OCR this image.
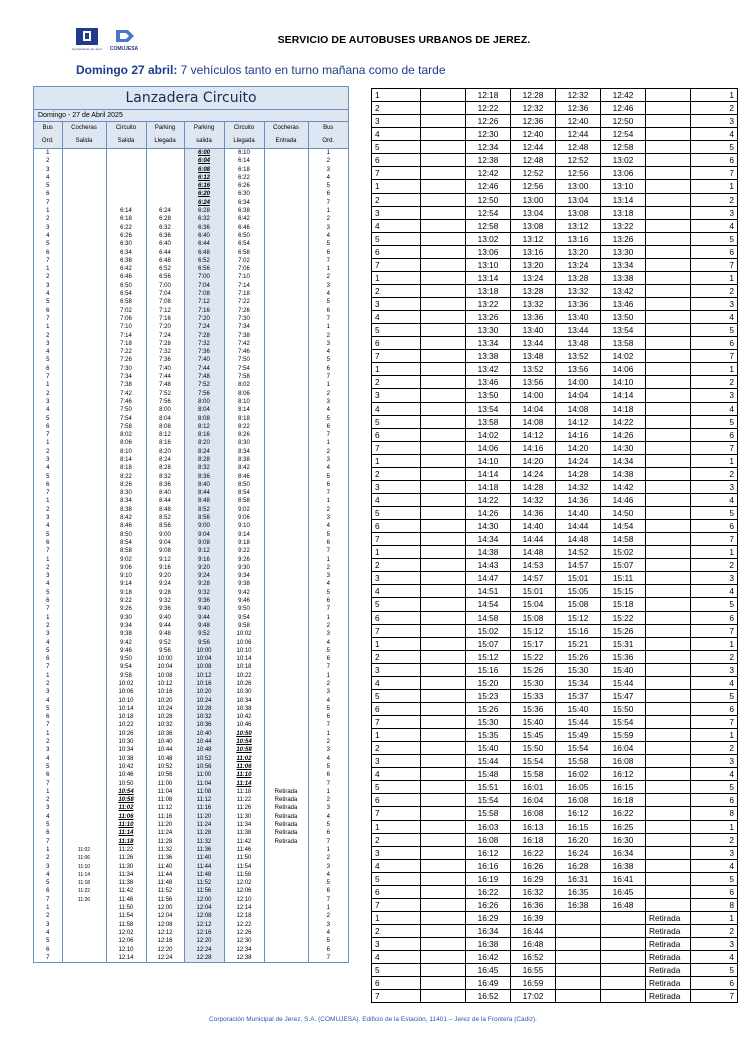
Ayuntamiento de Jerez COMUJESA
SERVICIO DE AUTOBUSES URBANOS DE JEREZ.
Domingo 27 abril: 7 vehículos tanto en turno mañana como de tarde
Lanzadera Circuito
Domingo - 27 de Abril 2025
Bus	Cocheras	Circuito	Parking	Parking	Circuito	Cocheras	Bus
Ord.	Salida	Salida	Llegada	salida	Llegada	Entrada	Ord.
1				6:00	6:10		1
2				6:04	6:14		2
3				6:08	6:18		3
4				6:12	6:22		4
5				6:16	6:26		5
6				6:20	6:30		6
7				6:24	6:34		7
1		6:14	6:24	6:28	6:38		1
2		6:18	6:28	6:32	6:42		2
3		6:22	6:32	6:36	6:46		3
4		6:26	6:36	6:40	6:50		4
5		6:30	6:40	6:44	6:54		5
6		6:34	6:44	6:48	6:58		6
7		6:38	6:48	6:52	7:02		7
1		6:42	6:52	6:56	7:06		1
2		6:46	6:56	7:00	7:10		2
3		6:50	7:00	7:04	7:14		3
4		6:54	7:04	7:08	7:18		4
5		6:58	7:08	7:12	7:22		5
6		7:02	7:12	7:16	7:26		6
7		7:06	7:16	7:20	7:30		7
1		7:10	7:20	7:24	7:34		1
2		7:14	7:24	7:28	7:38		2
3		7:18	7:28	7:32	7:42		3
4		7:22	7:32	7:36	7:46		4
5		7:26	7:36	7:40	7:50		5
6		7:30	7:40	7:44	7:54		6
7		7:34	7:44	7:48	7:58		7
1		7:38	7:48	7:52	8:02		1
2		7:42	7:52	7:56	8:06		2
3		7:46	7:56	8:00	8:10		3
4		7:50	8:00	8:04	8:14		4
5		7:54	8:04	8:08	8:18		5
6		7:58	8:08	8:12	8:22		6
7		8:02	8:12	8:16	8:26		7
1		8:06	8:16	8:20	8:30		1
2		8:10	8:20	8:24	8:34		2
3		8:14	8:24	8:28	8:38		3
4		8:18	8:28	8:32	8:42		4
5		8:22	8:32	8:36	8:46		5
6		8:26	8:36	8:40	8:50		6
7		8:30	8:40	8:44	8:54		7
1		8:34	8:44	8:48	8:58		1
2		8:38	8:48	8:52	9:02		2
3		8:42	8:52	8:56	9:06		3
4		8:46	8:56	9:00	9:10		4
5		8:50	9:00	9:04	9:14		5
6		8:54	9:04	9:08	9:18		6
7		8:58	9:08	9:12	9:22		7
1		9:02	9:12	9:16	9:26		1
2		9:06	9:16	9:20	9:30		2
3		9:10	9:20	9:24	9:34		3
4		9:14	9:24	9:28	9:38		4
5		9:18	9:28	9:32	9:42		5
6		9:22	9:32	9:36	9:46		6
7		9:26	9:36	9:40	9:50		7
1		9:30	9:40	9:44	9:54		1
2		9:34	9:44	9:48	9:58		2
3		9:38	9:48	9:52	10:02		3
4		9:42	9:52	9:56	10:06		4
5		9:46	9:56	10:00	10:10		5
6		9:50	10:00	10:04	10:14		6
7		9:54	10:04	10:08	10:18		7
1		9:58	10:08	10:12	10:22		1
2		10:02	10:12	10:16	10:26		2
3		10:06	10:16	10:20	10:30		3
4		10:10	10:20	10:24	10:34		4
5		10:14	10:24	10:28	10:38		5
6		10:18	10:28	10:32	10:42		6
7		10:22	10:32	10:36	10:46		7
1		10:26	10:36	10:40	10:50		1
2		10:30	10:40	10:44	10:54		2
3		10:34	10:44	10:48	10:58		3
4		10:38	10:48	10:52	11:02		4
5		10:42	10:52	10:56	11:06		5
6		10:46	10:56	11:00	11:10		6
7		10:50	11:00	11:04	11:14		7
1		10:54	11:04	11:08	11:18	Retirada	1
2		10:58	11:08	11:12	11:22	Retirada	2
3		11:02	11:12	11:16	11:26	Retirada	3
4		11:06	11:16	11:20	11:30	Retirada	4
5		11:10	11:20	11:24	11:34	Retirada	5
6		11:14	11:24	11:28	11:38	Retirada	6
7		11:18	11:28	11:32	11:42	Retirada	7
1	11:02	11:22	11:32	11:36	11:46		1
2	11:06	11:26	11:36	11:40	11:50		2
3	11:10	11:30	11:40	11:44	11:54		3
4	11:14	11:34	11:44	11:48	11:58		4
5	11:18	11:38	11:48	11:52	12:02		5
6	11:22	11:42	11:52	11:56	12:06		6
7	11:26	11:46	11:56	12:00	12:10		7
1		11:50	12:00	12:04	12:14		1
2		11:54	12:04	12:08	12:18		2
3		11:58	12:08	12:12	12:22		3
4		12:02	12:12	12:16	12:26		4
5		12:06	12:16	12:20	12:30		5
6		12:10	12:20	12:24	12:34		6
7		12:14	12:24	12:28	12:38		7
1		12:18	12:28	12:32	12:42		1
2		12:22	12:32	12:36	12:46		2
3		12:26	12:36	12:40	12:50		3
4		12:30	12:40	12:44	12:54		4
5		12:34	12:44	12:48	12:58		5
6		12:38	12:48	12:52	13:02		6
7		12:42	12:52	12:56	13:06		7
1		12:46	12:56	13:00	13:10		1
2		12:50	13:00	13:04	13:14		2
3		12:54	13:04	13:08	13:18		3
4		12:58	13:08	13:12	13:22		4
5		13:02	13:12	13:16	13:26		5
6		13:06	13:16	13:20	13:30		6
7		13:10	13:20	13:24	13:34		7
1		13:14	13:24	13:28	13:38		1
2		13:18	13:28	13:32	13:42		2
3		13:22	13:32	13:36	13:46		3
4		13:26	13:36	13:40	13:50		4
5		13:30	13:40	13:44	13:54		5
6		13:34	13:44	13:48	13:58		6
7		13:38	13:48	13:52	14:02		7
1		13:42	13:52	13:56	14:06		1
2		13:46	13:56	14:00	14:10		2
3		13:50	14:00	14:04	14:14		3
4		13:54	14:04	14:08	14:18		4
5		13:58	14:08	14:12	14:22		5
6		14:02	14:12	14:16	14:26		6
7		14:06	14:16	14:20	14:30		7
1		14:10	14:20	14:24	14:34		1
2		14:14	14:24	14:28	14:38		2
3		14:18	14:28	14:32	14:42		3
4		14:22	14:32	14:36	14:46		4
5		14:26	14:36	14:40	14:50		5
6		14:30	14:40	14:44	14:54		6
7		14:34	14:44	14:48	14:58		7
1		14:38	14:48	14:52	15:02		1
2		14:43	14:53	14:57	15:07		2
3		14:47	14:57	15:01	15:11		3
4		14:51	15:01	15:05	15:15		4
5		14:54	15:04	15:08	15:18		5
6		14:58	15:08	15:12	15:22		6
7		15:02	15:12	15:16	15:26		7
1		15:07	15:17	15:21	15:31		1
2		15:12	15:22	15:26	15:36		2
3		15:16	15:26	15:30	15:40		3
4		15:20	15:30	15:34	15:44		4
5		15:23	15:33	15:37	15:47		5
6		15:26	15:36	15:40	15:50		6
7		15:30	15:40	15:44	15:54		7
1		15:35	15:45	15:49	15:59		1
2		15:40	15:50	15:54	16:04		2
3		15:44	15:54	15:58	16:08		3
4		15:48	15:58	16:02	16:12		4
5		15:51	16:01	16:05	16:15		5
6		15:54	16:04	16:08	16:18		6
7		15:58	16:08	16:12	16:22		8
1		16:03	16:13	16:15	16:25		1
2		16:08	16:18	16:20	16:30		2
3		16:12	16:22	16:24	16:34		3
4		16:16	16:26	16:28	16:38		4
5		16:19	16:29	16:31	16:41		5
6		16:22	16:32	16:35	16:45		6
7		16:26	16:36	16:38	16:48		8
1		16:29	16:39			Retirada	1
2		16:34	16:44			Retirada	2
3		16:38	16:48			Retirada	3
4		16:42	16:52			Retirada	4
5		16:45	16:55			Retirada	5
6		16:49	16:59			Retirada	6
7		16:52	17:02			Retirada	7
Corporación Municipal de Jerez, S.A. (COMUJESA). Edificio de la Estación, 11401 – Jerez de la Frontera (Cádiz).
